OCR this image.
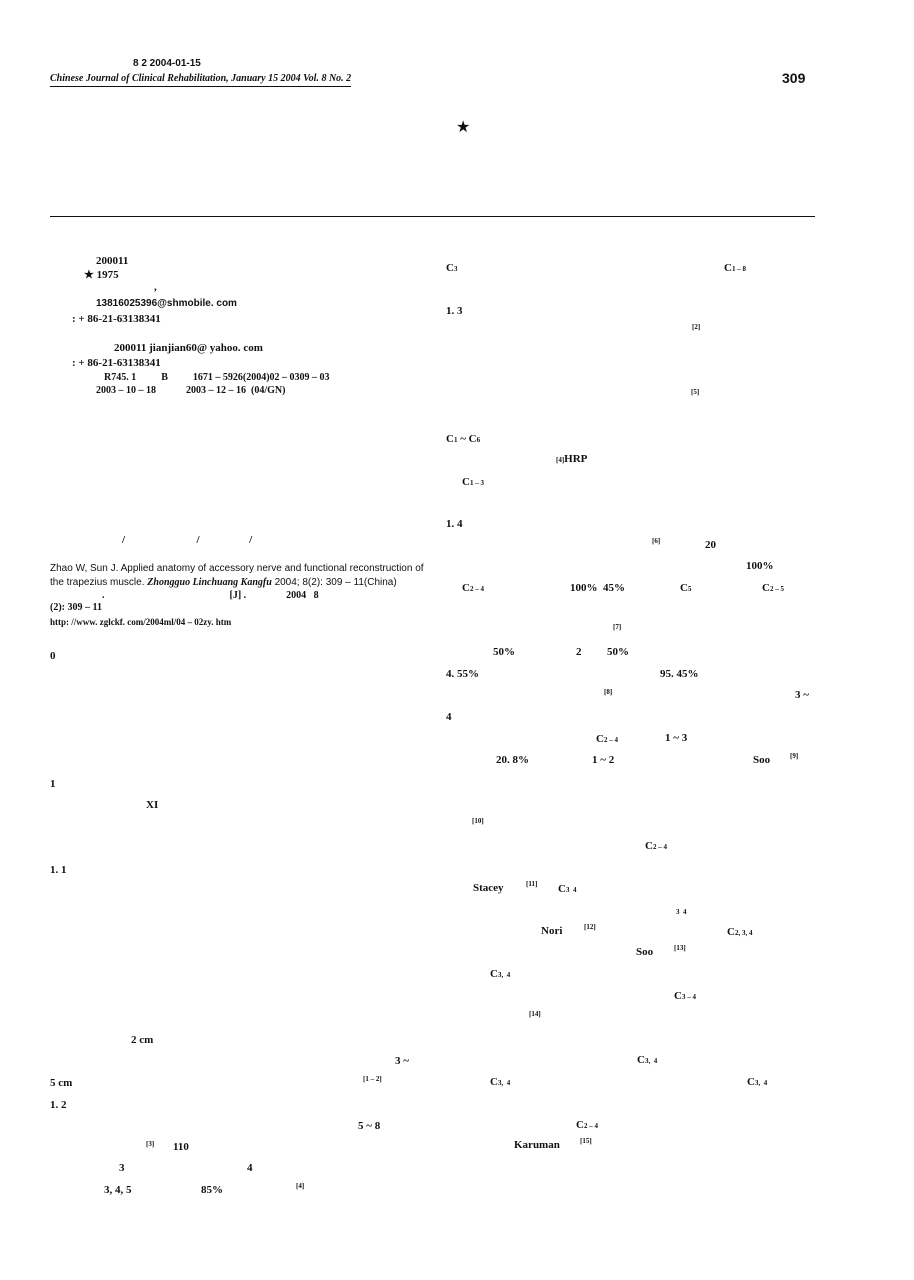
8 2 2004-01-15
Chinese Journal of Clinical Rehabilitation, January 15 2004 Vol. 8 No. 2	309
★
200011
★ 1975
,
13816025396@shmobile. com
: + 86-21-63138341
200011 jianjian60@ yahoo. com
: + 86-21-63138341
R745. 1          B          1671 – 5926(2004)02 – 0309 – 03
2003 – 10 – 18            2003 – 12 – 16  (04/GN)
/                          /                  /
Zhao W, Sun J. Applied anatomy of accessory nerve and functional reconstruction of
the trapezius muscle. Zhongguo Linchuang Kangfu 2004; 8(2): 309 – 11(China)
.                                                  [J] .                2004   8
(2): 309 – 11
http: //www. zglckf. com/2004ml/04 – 02zy. htm
0
1
XI
1. 1
2 cm
3 ~
5 cm	[1 – 2]
1. 2
5 ~ 8
[3] 110
3	4
3, 4, 5	85%	[4]
C3	C1 – 8
1. 3
[2]
[5]
C1 ~ C6
[4]HRP
C1 – 3
1. 4
[6]	20
100%
C2 – 4	100%  45%	C5	C2 – 5
[7]
50%	2 50%
4. 55%	95. 45%
[8]	3 ~
4
C2 – 4	1 ~ 3
20. 8%	1 ~ 2	Soo	[9]
[10]
C2 – 4
Stacey	[11] C3  4
3  4
Nori	[12]	C2, 3, 4
Soo	[13]
C3,  4
C3 – 4
[14]
C3,  4
C3,  4	C3,  4
C2 – 4
Karuman	[15]
